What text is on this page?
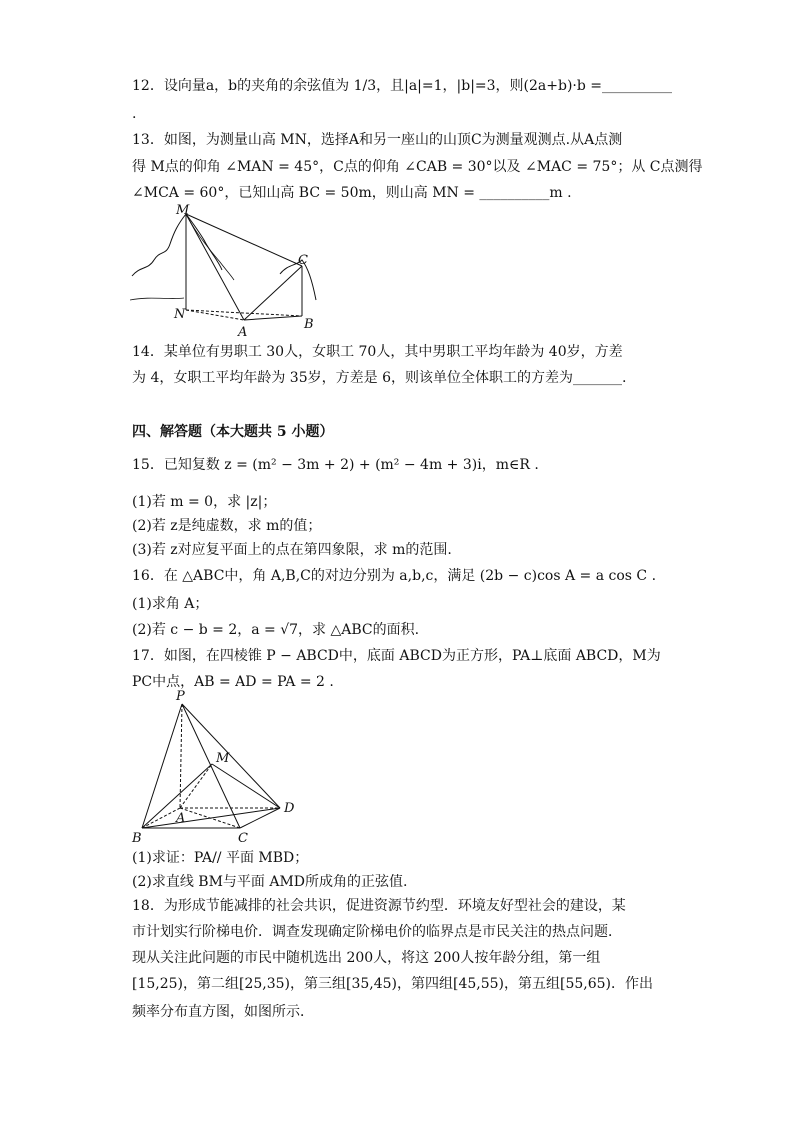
12．设向量a，b的夹角的余弦值为 1/3，且|a|=1，|b|=3，则(2a+b)·b =__________
.
13．如图，为测量山高 MN，选择A和另一座山的山顶C为测量观测点.从A点测
得 M点的仰角 ∠MAN = 45°，C点的仰角 ∠CAB = 30°以及 ∠MAC = 75°；从 C点测得
∠MCA = 60°，已知山高 BC = 50m，则山高 MN = __________m .
M
C
N
A
B
14．某单位有男职工 30人，女职工 70人，其中男职工平均年龄为 40岁，方差
为 4，女职工平均年龄为 35岁，方差是 6，则该单位全体职工的方差为_______.
四、解答题（本大题共 5 小题）
15．已知复数 z = (m² − 3m + 2) + (m² − 4m + 3)i，m∈R .
(1)若 m = 0，求 |z|；
(2)若 z是纯虚数，求 m的值；
(3)若 z对应复平面上的点在第四象限，求 m的范围.
16．在 △ABC中，角 A,B,C的对边分别为 a,b,c，满足 (2b − c)cos A = a cos C .
(1)求角 A；
(2)若 c − b = 2，a = √7，求 △ABC的面积.
17．如图，在四棱锥 P − ABCD中，底面 ABCD为正方形，PA⊥底面 ABCD，M为
PC中点，AB = AD = PA = 2 .
P
M
A
B	C
D
(1)求证：PA// 平面 MBD；
(2)求直线 BM与平面 AMD所成角的正弦值.
18．为形成节能减排的社会共识，促进资源节约型．环境友好型社会的建设，某
市计划实行阶梯电价．调查发现确定阶梯电价的临界点是市民关注的热点问题．
现从关注此问题的市民中随机选出 200人，将这 200人按年龄分组，第一组
[15,25)，第二组[25,35)，第三组[35,45)，第四组[45,55)，第五组[55,65)．作出
频率分布直方图，如图所示．
